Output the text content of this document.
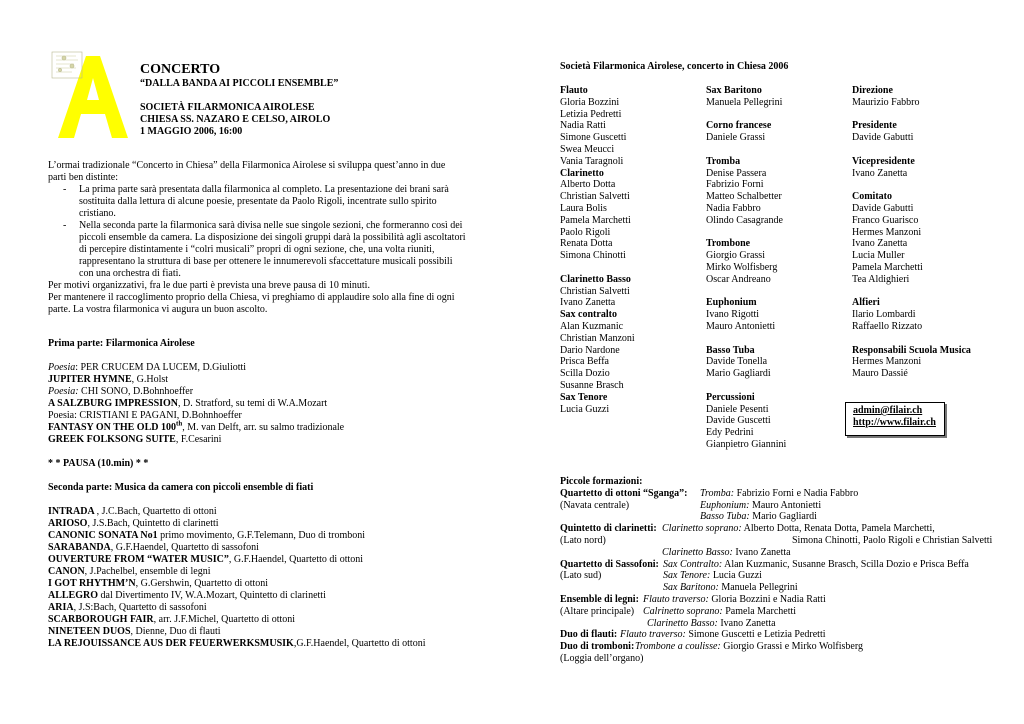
CONCERTO
“DALLA BANDA AI PICCOLI ENSEMBLE”
SOCIETÀ FILARMONICA AIROLESE
CHIESA SS. NAZARO E CELSO, AIROLO
1 MAGGIO 2006, 16:00

L’ormai tradizionale “Concerto in Chiesa” della Filarmonica Airolese si sviluppa quest’anno in due parti ben distinte:

- La prima parte sarà presentata dalla filarmonica al completo. La presentazione dei brani sarà sostituita dalla lettura di alcune poesie, presentate da Paolo Rigoli, incentrate sullo spirito cristiano.
- Nella seconda parte la filarmonica sarà divisa nelle sue singole sezioni, che formeranno così dei piccoli ensemble da camera. La disposizione dei singoli gruppi darà la possibilità agli ascoltatori di percepire distintamente i “colri musicali” propri di ogni sezione, che, una volta riuniti, rappresentano la struttura di base per ottenere le innumerevoli sfaccettature musicali possibili con una orchestra di fiati.

Per motivi organizzativi, fra le due parti è prevista una breve pausa di 10 minuti.

Per mantenere il raccoglimento proprio della Chiesa, vi preghiamo di applaudire solo alla fine di ogni parte. La vostra filarmonica vi augura un buon ascolto.

Prima parte: Filarmonica Airolese
Poesia: PER CRUCEM DA LUCEM, D.Giuliotti
JUPITER HYMNE, G.Holst
Poesia: CHI SONO, D.Bohnhoeffer
A SALZBURG IMPRESSION, D. Stratford, su temi di W.A.Mozart
Poesia: CRISTIANI E PAGANI, D.Bohnhoeffer
FANTASY ON THE OLD 100th, M. van Delft, arr. su salmo tradizionale
GREEK FOLKSONG SUITE, F.Cesarini
* * PAUSA (10.min) * *
Seconda parte: Musica da camera con piccoli ensemble di fiati
INTRADA , J.C.Bach, Quartetto di ottoni
ARIOSO, J.S.Bach, Quintetto di clarinetti
CANONIC SONATA No1 primo movimento, G.F.Telemann, Duo di tromboni
SARABANDA, G.F.Haendel, Quartetto di sassofoni
OUVERTURE FROM “WATER MUSIC”, G.F.Haendel, Quartetto di ottoni
CANON, J.Pachelbel, ensemble di legni
I GOT RHYTHM’N, G.Gershwin, Quartetto di ottoni
ALLEGRO dal Divertimento IV, W.A.Mozart, Quintetto di clarinetti
ARIA, J.S:Bach, Quartetto di sassofoni
SCARBOROUGH FAIR, arr. J.F.Michel, Quartetto di ottoni
NINETEEN DUOS, Dienne, Duo di flauti
LA REJOUISSANCE AUS DER FEUERWERKSMUSIK,G.F.Haendel, Quartetto di ottoni
Società Filarmonica Airolese, concerto in Chiesa 2006
Flauto
Gloria Bozzini
Letizia Pedretti
Nadia Ratti
Simone Guscetti
Swea Meucci
Vania Taragnoli
Clarinetto
Alberto Dotta
Christian Salvetti
Laura Bolis
Pamela Marchetti
Paolo Rigoli
Renata Dotta
Simona Chinotti
Clarinetto Basso
Christian Salvetti
Ivano Zanetta
Sax contralto
Alan Kuzmanic
Christian Manzoni
Dario Nardone
Prisca Beffa
Scilla Dozio
Susanne Brasch
Sax Tenore
Lucia Guzzi
Sax Baritono
Manuela Pellegrini
Corno francese
Daniele Grassi
Tromba
Denise Passera
Fabrizio Forni
Matteo Schalbetter
Nadia Fabbro
Olindo Casagrande
Trombone
Giorgio Grassi
Mirko Wolfisberg
Oscar Andreano
Euphonium
Ivano Rigotti
Mauro Antonietti
Basso Tuba
Davide Tonella
Mario Gagliardi
Percussioni
Daniele Pesenti
Davide Guscetti
Edy Pedrini
Gianpietro Giannini
Direzione
Maurizio Fabbro
Presidente
Davide Gabutti
Vicepresidente
Ivano Zanetta
Comitato
Davide Gabutti
Franco Guarisco
Hermes Manzoni
Ivano Zanetta
Lucia Muller
Pamela Marchetti
Tea Aldighieri
Alfieri
Ilario Lombardi
Raffaello Rizzato
Responsabili Scuola Musica
Hermes Manzoni
Mauro Dassié
admin@filair.ch
http://www.filair.ch
Piccole formazioni:
Quartetto di ottoni “Sganga”: Tromba: Fabrizio Forni e Nadia Fabbro
(Navata centrale)	Euphonium: Mauro Antonietti
Basso Tuba: Mario Gagliardi
Quintetto di clarinetti: Clarinetto soprano: Alberto Dotta, Renata Dotta, Pamela Marchetti,
(Lato nord)	Simona Chinotti, Paolo Rigoli e Christian Salvetti
Clarinetto Basso: Ivano Zanetta
Quartetto di Sassofoni: Sax Contralto: Alan Kuzmanic, Susanne Brasch, Scilla Dozio e Prisca Beffa
(Lato sud)	Sax Tenore: Lucia Guzzi
Sax Baritono: Manuela Pellegrini
Ensemble di legni: Flauto traverso: Gloria Bozzini e Nadia Ratti
(Altare principale) Calrinetto soprano: Pamela Marchetti
Clarinetto Basso: Ivano Zanetta
Duo di flauti: Flauto traverso: Simone Guscetti e Letizia Pedretti
Duo di tromboni: Trombone a coulisse: Giorgio Grassi e Mirko Wolfisberg
(Loggia dell’organo)
